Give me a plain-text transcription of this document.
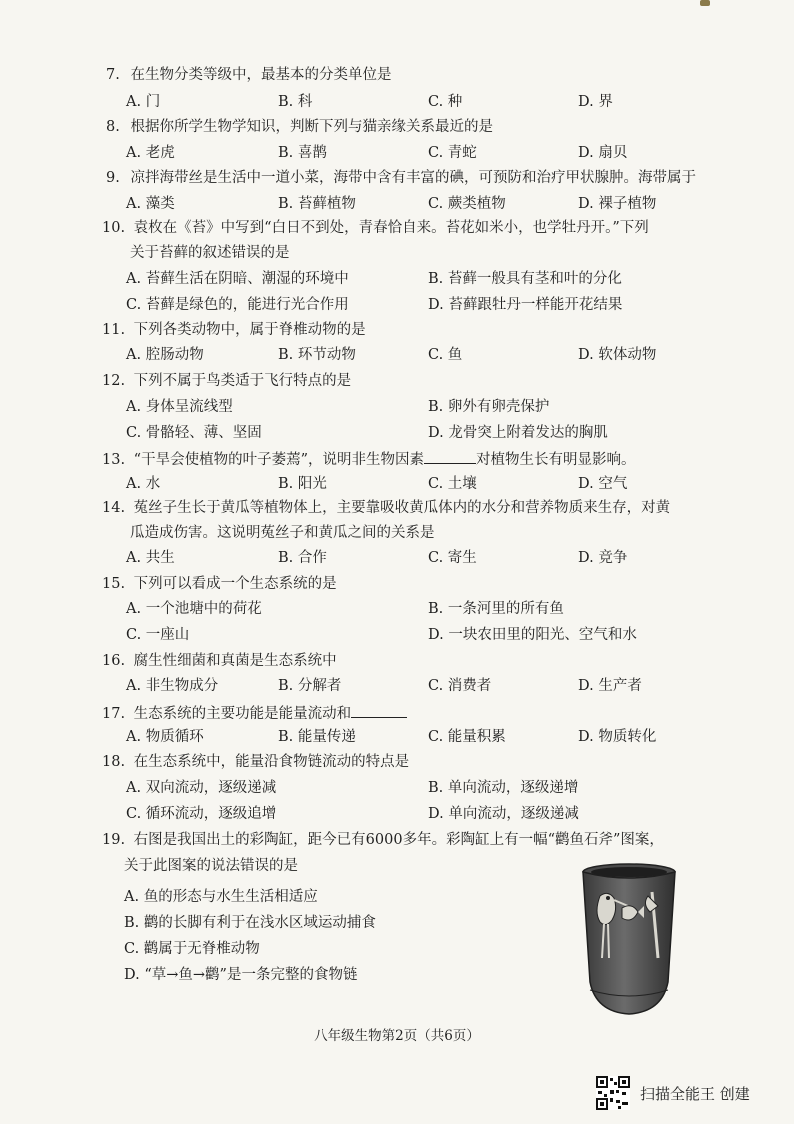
7. 在生物分类等级中，最基本的分类单位是
A. 门	B. 科	C. 种	D. 界
8. 根据你所学生物学知识，判断下列与猫亲缘关系最近的是
A. 老虎	B. 喜鹊	C. 青蛇	D. 扇贝
9. 凉拌海带丝是生活中一道小菜，海带中含有丰富的碘，可预防和治疗甲状腺肿。海带属于
A. 藻类	B. 苔藓植物	C. 蕨类植物	D. 裸子植物
10. 袁枚在《苔》中写到“白日不到处，青春恰自来。苔花如米小，也学牡丹开。”下列
关于苔藓的叙述错误的是
A. 苔藓生活在阴暗、潮湿的环境中	B. 苔藓一般具有茎和叶的分化
C. 苔藓是绿色的，能进行光合作用	D. 苔藓跟牡丹一样能开花结果
11. 下列各类动物中，属于脊椎动物的是
A. 腔肠动物	B. 环节动物	C. 鱼	D. 软体动物
12. 下列不属于鸟类适于飞行特点的是
A. 身体呈流线型	B. 卵外有卵壳保护
C. 骨骼轻、薄、坚固	D. 龙骨突上附着发达的胸肌
13. “干旱会使植物的叶子萎蔫”，说明非生物因素	对植物生长有明显影响。
A. 水	B. 阳光	C. 土壤	D. 空气
14. 菟丝子生长于黄瓜等植物体上，主要靠吸收黄瓜体内的水分和营养物质来生存，对黄
瓜造成伤害。这说明菟丝子和黄瓜之间的关系是
A. 共生	B. 合作	C. 寄生	D. 竞争
15. 下列可以看成一个生态系统的是
A. 一个池塘中的荷花	B. 一条河里的所有鱼
C. 一座山	D. 一块农田里的阳光、空气和水
16. 腐生性细菌和真菌是生态系统中
A. 非生物成分	B. 分解者	C. 消费者	D. 生产者
17. 生态系统的主要功能是能量流动和
A. 物质循环	B. 能量传递	C. 能量积累	D. 物质转化
18. 在生态系统中，能量沿食物链流动的特点是
A. 双向流动，逐级递减	B. 单向流动，逐级递增
C. 循环流动，逐级追增	D. 单向流动，逐级递减
19. 右图是我国出土的彩陶缸，距今已有6000多年。彩陶缸上有一幅“鹳鱼石斧”图案，
关于此图案的说法错误的是
A. 鱼的形态与水生生活相适应
B. 鹳的长脚有利于在浅水区域运动捕食
C. 鹳属于无脊椎动物
D. “草→鱼→鹳”是一条完整的食物链
八年级生物第2页（共6页）
扫描全能王 创建
